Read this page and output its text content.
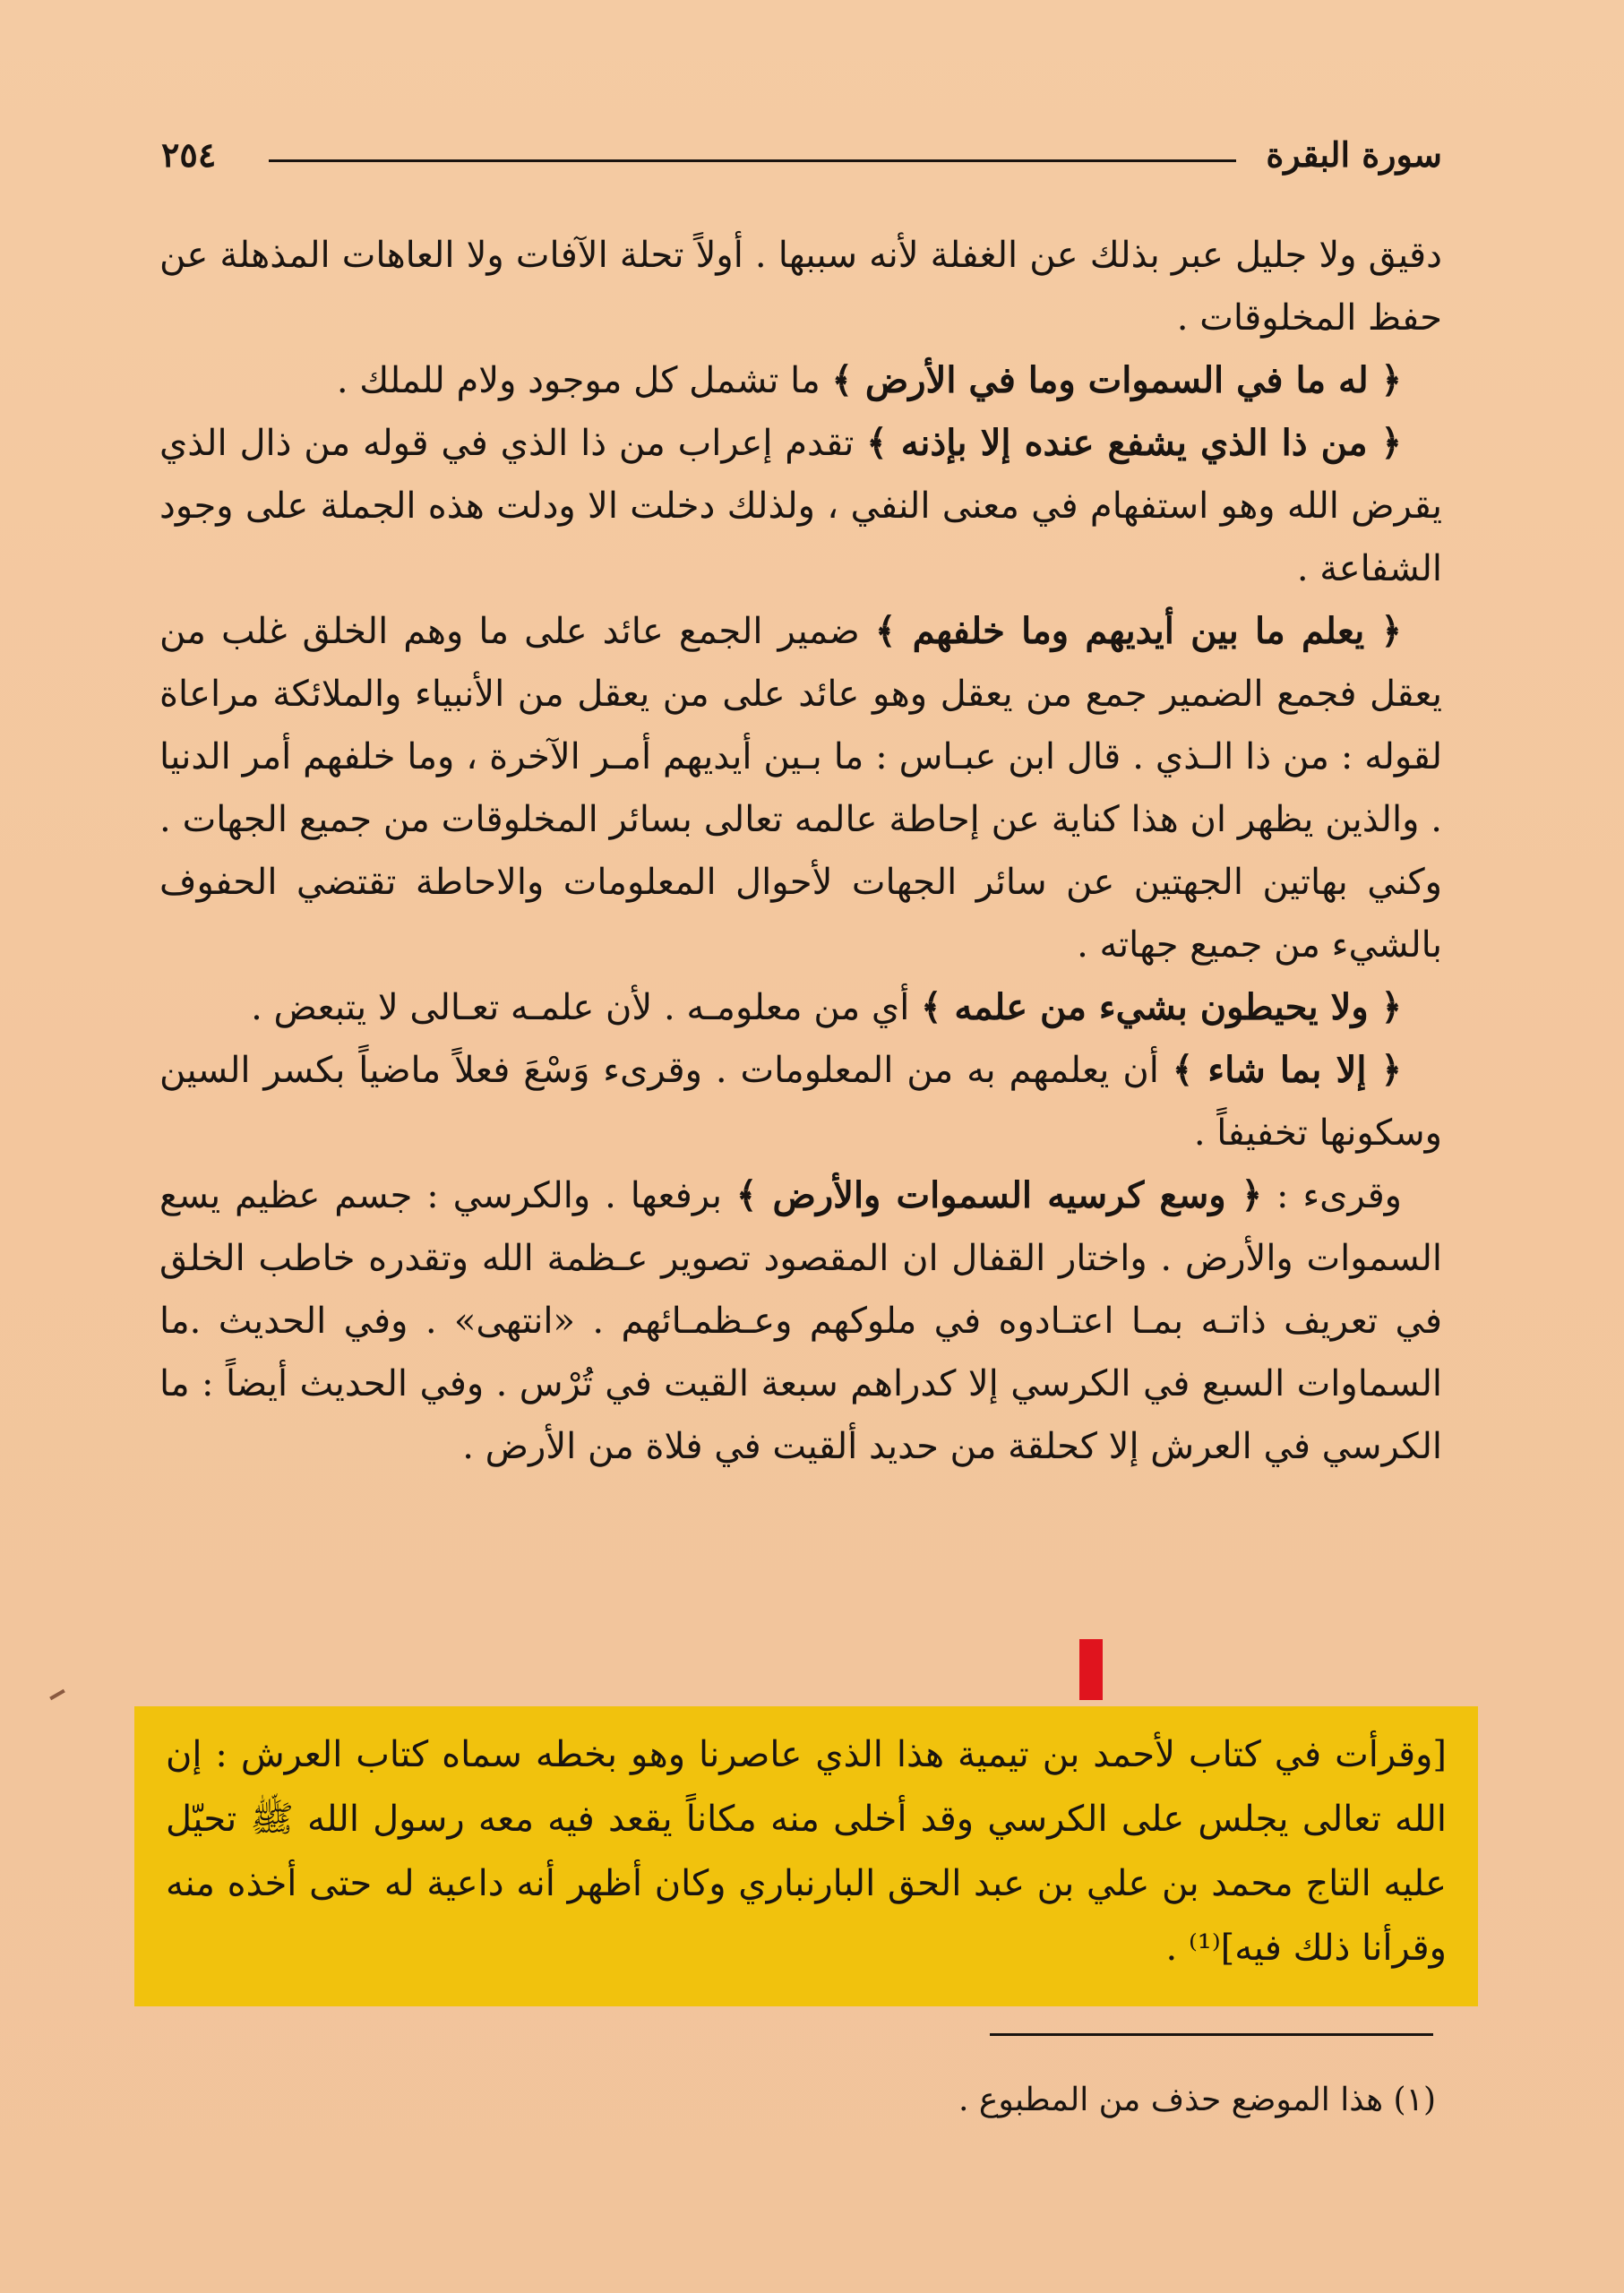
سورة البقرة
٢٥٤

دقيق ولا جليل عبر بذلك عن الغفلة لأنه سببها . أولاً تحلة الآفات ولا العاهات المذهلة عن حفظ المخلوقات .

﴿ له ما في السموات وما في الأرض ﴾ ما تشمل كل موجود ولام للملك .

﴿ من ذا الذي يشفع عنده إلا بإذنه ﴾ تقدم إعراب من ذا الذي في قوله من ذال الذي يقرض الله وهو استفهام في معنى النفي ، ولذلك دخلت الا ودلت هذه الجملة على وجود الشفاعة .

﴿ يعلم ما بين أيديهم وما خلفهم ﴾ ضمير الجمع عائد على ما وهم الخلق غلب من يعقل فجمع الضمير جمع من يعقل وهو عائد على من يعقل من الأنبياء والملائكة مراعاة لقوله : من ذا الـذي . قال ابن عبـاس : ما بـين أيديهم أمـر الآخرة ، وما خلفهم أمر الدنيا . والذين يظهر ان هذا كناية عن إحاطة عالمه تعالى بسائر المخلوقات من جميع الجهات . وكني بهاتين الجهتين عن سائر الجهات لأحوال المعلومات والاحاطة تقتضي الحفوف بالشيء من جميع جهاته .

﴿ ولا يحيطون بشيء من علمه ﴾ أي من معلومـه . لأن علمـه تعـالى لا يتبعض .

﴿ إلا بما شاء ﴾ أن يعلمهم به من المعلومات . وقرىء وَسْعَ فعلاً ماضياً بكسر السين وسكونها تخفيفاً .

وقرىء : ﴿ وسع كرسيه السموات والأرض ﴾ برفعها . والكرسي : جسم عظيم يسع السموات والأرض . واختار القفال ان المقصود تصوير عـظمة الله وتقدره خاطب الخلق في تعريف ذاتـه بمـا اعتـادوه في ملوكهم وعـظمـائهم . «انتهى» . وفي الحديث .ما السماوات السبع في الكرسي إلا كدراهم سبعة القيت في تُرْس . وفي الحديث أيضاً : ما الكرسي في العرش إلا كحلقة من حديد ألقيت في فلاة من الأرض .

[وقرأت في كتاب لأحمد بن تيمية هذا الذي عاصرنا وهو بخطه سماه كتاب العرش : إن الله تعالى يجلس على الكرسي وقد أخلى منه مكاناً يقعد فيه معه رسول الله ﷺ تحيّل عليه التاج محمد بن علي بن عبد الحق البارنباري وكان أظهر أنه داعية له حتى أخذه منه وقرأنا ذلك فيه]⁽¹⁾ .

(١) هذا الموضع حذف من المطبوع .
